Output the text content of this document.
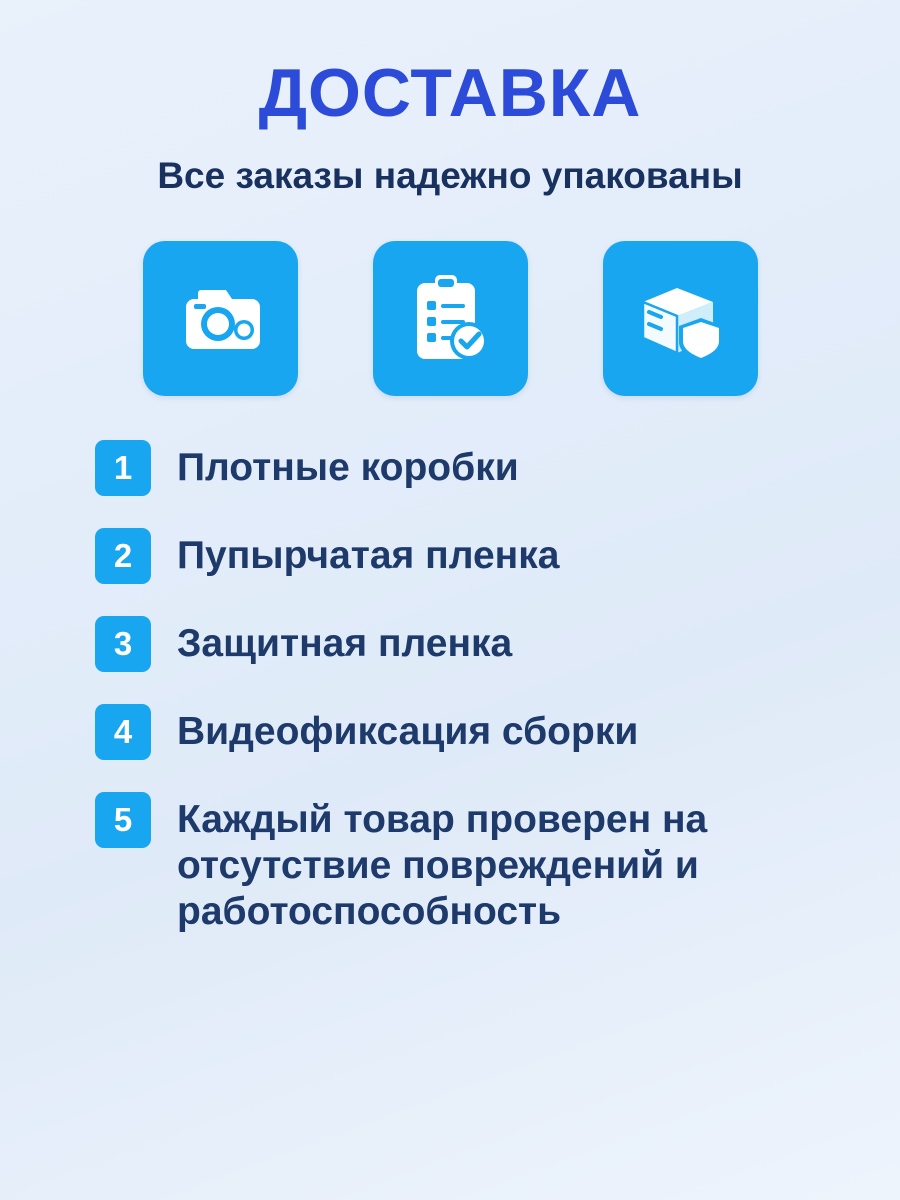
ДОСТАВКА

Все заказы надежно упакованы

1	Плотные коробки
2	Пупырчатая пленка
3	Защитная пленка
4	Видеофиксация сборки
5	Каждый товар проверен на отсутствие повреждений и работоспособность
